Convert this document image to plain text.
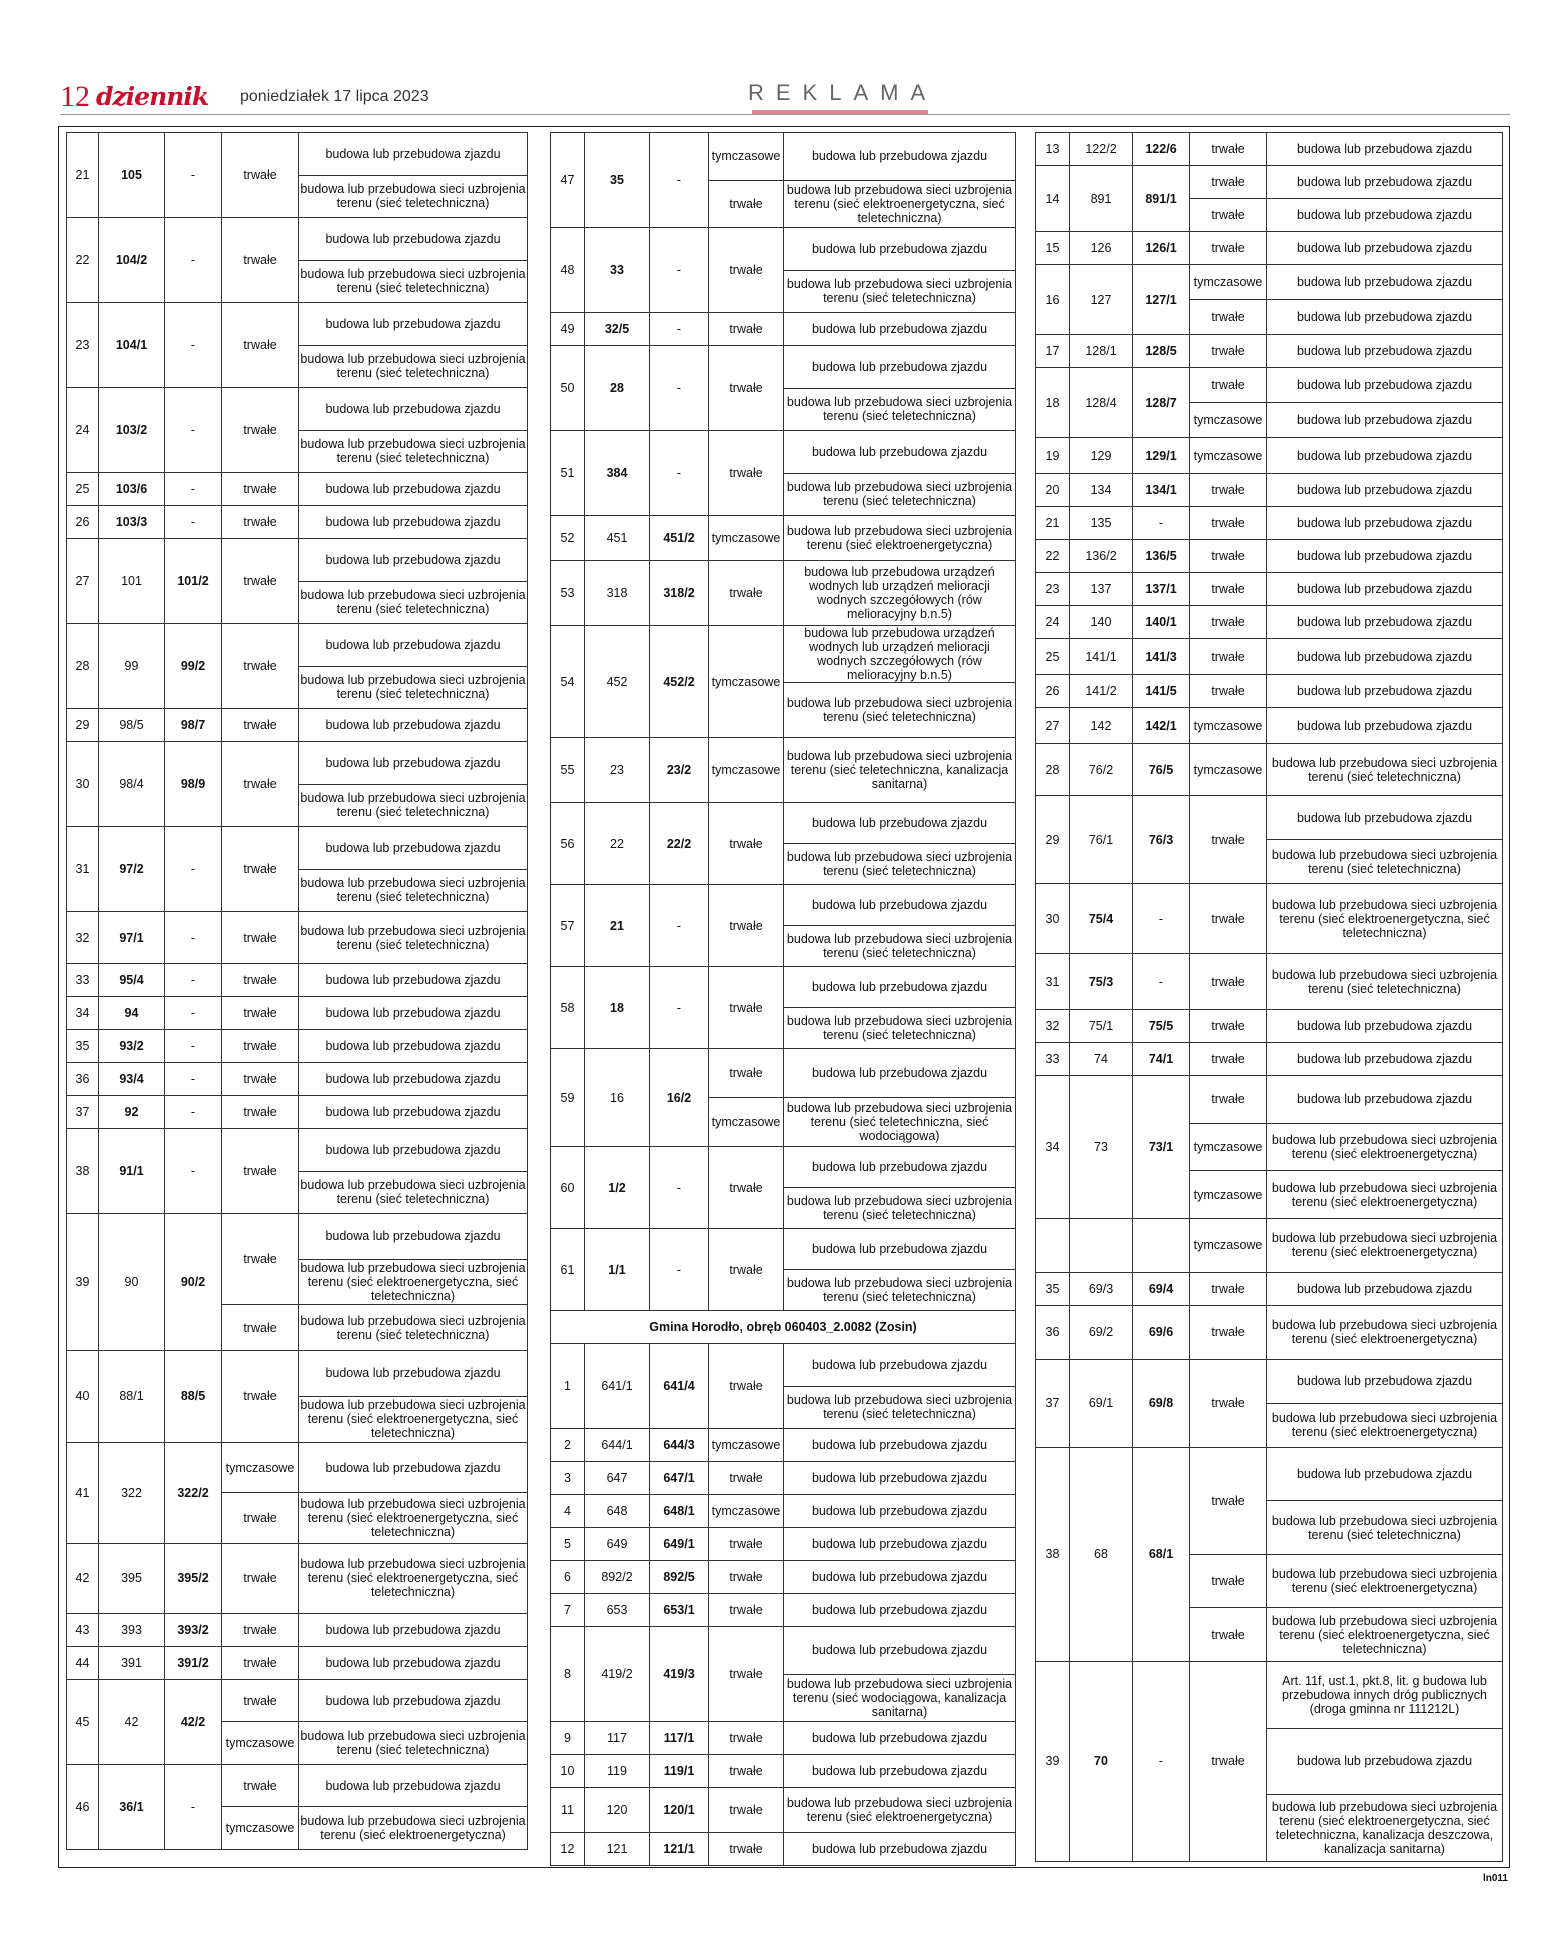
12 dziennik poniedziałek 17 lipca 2023	REKLAMA
21	105	-	trwałe	budowa lub przebudowa zjazdu
				budowa lub przebudowa sieci uzbrojenia terenu (sieć teletechniczna)
22	104/2	-	trwałe	budowa lub przebudowa zjazdu
				budowa lub przebudowa sieci uzbrojenia terenu (sieć teletechniczna)
23	104/1	-	trwałe	budowa lub przebudowa zjazdu
				budowa lub przebudowa sieci uzbrojenia terenu (sieć teletechniczna)
24	103/2	-	trwałe	budowa lub przebudowa zjazdu
				budowa lub przebudowa sieci uzbrojenia terenu (sieć teletechniczna)
25	103/6	-	trwałe	budowa lub przebudowa zjazdu
26	103/3	-	trwałe	budowa lub przebudowa zjazdu
27	101	101/2	trwałe	budowa lub przebudowa zjazdu
				budowa lub przebudowa sieci uzbrojenia terenu (sieć teletechniczna)
28	99	99/2	trwałe	budowa lub przebudowa zjazdu
				budowa lub przebudowa sieci uzbrojenia terenu (sieć teletechniczna)
29	98/5	98/7	trwałe	budowa lub przebudowa zjazdu
30	98/4	98/9	trwałe	budowa lub przebudowa zjazdu
				budowa lub przebudowa sieci uzbrojenia terenu (sieć teletechniczna)
31	97/2	-	trwałe	budowa lub przebudowa zjazdu
				budowa lub przebudowa sieci uzbrojenia terenu (sieć teletechniczna)
32	97/1	-	trwałe	budowa lub przebudowa sieci uzbrojenia terenu (sieć teletechniczna)
33	95/4	-	trwałe	budowa lub przebudowa zjazdu
34	94	-	trwałe	budowa lub przebudowa zjazdu
35	93/2	-	trwałe	budowa lub przebudowa zjazdu
36	93/4	-	trwałe	budowa lub przebudowa zjazdu
37	92	-	trwałe	budowa lub przebudowa zjazdu
38	91/1	-	trwałe	budowa lub przebudowa zjazdu
				budowa lub przebudowa sieci uzbrojenia terenu (sieć teletechniczna)
39	90	90/2	trwałe	budowa lub przebudowa zjazdu
				budowa lub przebudowa sieci uzbrojenia terenu (sieć elektroenergetyczna, sieć teletechniczna)
			trwałe	budowa lub przebudowa sieci uzbrojenia terenu (sieć teletechniczna)
40	88/1	88/5	trwałe	budowa lub przebudowa zjazdu
				budowa lub przebudowa sieci uzbrojenia terenu (sieć elektroenergetyczna, sieć teletechniczna)
41	322	322/2	tymczasowe	budowa lub przebudowa zjazdu
			trwałe	budowa lub przebudowa sieci uzbrojenia terenu (sieć elektroenergetyczna, sieć teletechniczna)
42	395	395/2	trwałe	budowa lub przebudowa sieci uzbrojenia terenu (sieć elektroenergetyczna, sieć teletechniczna)
43	393	393/2	trwałe	budowa lub przebudowa zjazdu
44	391	391/2	trwałe	budowa lub przebudowa zjazdu
45	42	42/2	trwałe	budowa lub przebudowa zjazdu
			tymczasowe	budowa lub przebudowa sieci uzbrojenia terenu (sieć teletechniczna)
46	36/1	-	trwałe	budowa lub przebudowa zjazdu
			tymczasowe	budowa lub przebudowa sieci uzbrojenia terenu (sieć elektroenergetyczna)
47	35	-	tymczasowe	budowa lub przebudowa zjazdu
			trwałe	budowa lub przebudowa sieci uzbrojenia terenu (sieć elektroenergetyczna, sieć teletechniczna)
48	33	-	trwałe	budowa lub przebudowa zjazdu
				budowa lub przebudowa sieci uzbrojenia terenu (sieć teletechniczna)
49	32/5	-	trwałe	budowa lub przebudowa zjazdu
50	28	-	trwałe	budowa lub przebudowa zjazdu
				budowa lub przebudowa sieci uzbrojenia terenu (sieć teletechniczna)
51	384	-	trwałe	budowa lub przebudowa zjazdu
				budowa lub przebudowa sieci uzbrojenia terenu (sieć teletechniczna)
52	451	451/2	tymczasowe	budowa lub przebudowa sieci uzbrojenia terenu (sieć elektroenergetyczna)
53	318	318/2	trwałe	budowa lub przebudowa urządzeń wodnych lub urządzeń melioracji wodnych szczegółowych (rów melioracyjny b.n.5)
54	452	452/2	tymczasowe	budowa lub przebudowa urządzeń wodnych lub urządzeń melioracji wodnych szczegółowych (rów melioracyjny b.n.5)
				budowa lub przebudowa sieci uzbrojenia terenu (sieć teletechniczna)
55	23	23/2	tymczasowe	budowa lub przebudowa sieci uzbrojenia terenu (sieć teletechniczna, kanalizacja sanitarna)
56	22	22/2	trwałe	budowa lub przebudowa zjazdu
				budowa lub przebudowa sieci uzbrojenia terenu (sieć teletechniczna)
57	21	-	trwałe	budowa lub przebudowa zjazdu
				budowa lub przebudowa sieci uzbrojenia terenu (sieć teletechniczna)
58	18	-	trwałe	budowa lub przebudowa zjazdu
				budowa lub przebudowa sieci uzbrojenia terenu (sieć teletechniczna)
59	16	16/2	trwałe	budowa lub przebudowa zjazdu
			tymczasowe	budowa lub przebudowa sieci uzbrojenia terenu (sieć teletechniczna, sieć wodociągowa)
60	1/2	-	trwałe	budowa lub przebudowa zjazdu
				budowa lub przebudowa sieci uzbrojenia terenu (sieć teletechniczna)
61	1/1	-	trwałe	budowa lub przebudowa zjazdu
				budowa lub przebudowa sieci uzbrojenia terenu (sieć teletechniczna)
Gmina Horodło, obręb 060403_2.0082 (Zosin)				
1	641/1	641/4	trwałe	budowa lub przebudowa zjazdu
				budowa lub przebudowa sieci uzbrojenia terenu (sieć teletechniczna)
2	644/1	644/3	tymczasowe	budowa lub przebudowa zjazdu
3	647	647/1	trwałe	budowa lub przebudowa zjazdu
4	648	648/1	tymczasowe	budowa lub przebudowa zjazdu
5	649	649/1	trwałe	budowa lub przebudowa zjazdu
6	892/2	892/5	trwałe	budowa lub przebudowa zjazdu
7	653	653/1	trwałe	budowa lub przebudowa zjazdu
8	419/2	419/3	trwałe	budowa lub przebudowa zjazdu
				budowa lub przebudowa sieci uzbrojenia terenu (sieć wodociągowa, kanalizacja sanitarna)
9	117	117/1	trwałe	budowa lub przebudowa zjazdu
10	119	119/1	trwałe	budowa lub przebudowa zjazdu
11	120	120/1	trwałe	budowa lub przebudowa sieci uzbrojenia terenu (sieć elektroenergetyczna)
12	121	121/1	trwałe	budowa lub przebudowa zjazdu
13	122/2	122/6	trwałe	budowa lub przebudowa zjazdu
14	891	891/1	trwałe	budowa lub przebudowa zjazdu
			trwałe	budowa lub przebudowa zjazdu
15	126	126/1	trwałe	budowa lub przebudowa zjazdu
16	127	127/1	tymczasowe	budowa lub przebudowa zjazdu
			trwałe	budowa lub przebudowa zjazdu
17	128/1	128/5	trwałe	budowa lub przebudowa zjazdu
18	128/4	128/7	trwałe	budowa lub przebudowa zjazdu
			tymczasowe	budowa lub przebudowa zjazdu
19	129	129/1	tymczasowe	budowa lub przebudowa zjazdu
20	134	134/1	trwałe	budowa lub przebudowa zjazdu
21	135	-	trwałe	budowa lub przebudowa zjazdu
22	136/2	136/5	trwałe	budowa lub przebudowa zjazdu
23	137	137/1	trwałe	budowa lub przebudowa zjazdu
24	140	140/1	trwałe	budowa lub przebudowa zjazdu
25	141/1	141/3	trwałe	budowa lub przebudowa zjazdu
26	141/2	141/5	trwałe	budowa lub przebudowa zjazdu
27	142	142/1	tymczasowe	budowa lub przebudowa zjazdu
28	76/2	76/5	tymczasowe	budowa lub przebudowa sieci uzbrojenia terenu (sieć teletechniczna)
29	76/1	76/3	trwałe	budowa lub przebudowa zjazdu
				budowa lub przebudowa sieci uzbrojenia terenu (sieć teletechniczna)
30	75/4	-	trwałe	budowa lub przebudowa sieci uzbrojenia terenu (sieć elektroenergetyczna, sieć teletechniczna)
31	75/3	-	trwałe	budowa lub przebudowa sieci uzbrojenia terenu (sieć teletechniczna)
32	75/1	75/5	trwałe	budowa lub przebudowa zjazdu
33	74	74/1	trwałe	budowa lub przebudowa zjazdu
34	73	73/1	trwałe	budowa lub przebudowa zjazdu
			tymczasowe	budowa lub przebudowa sieci uzbrojenia terenu (sieć elektroenergetyczna)
			tymczasowe	budowa lub przebudowa sieci uzbrojenia terenu (sieć elektroenergetyczna)
			tymczasowe	budowa lub przebudowa sieci uzbrojenia terenu (sieć elektroenergetyczna)
35	69/3	69/4	trwałe	budowa lub przebudowa zjazdu
36	69/2	69/6	trwałe	budowa lub przebudowa sieci uzbrojenia terenu (sieć elektroenergetyczna)
37	69/1	69/8	trwałe	budowa lub przebudowa zjazdu
				budowa lub przebudowa sieci uzbrojenia terenu (sieć elektroenergetyczna)
38	68	68/1	trwałe	budowa lub przebudowa zjazdu
				budowa lub przebudowa sieci uzbrojenia terenu (sieć teletechniczna)
			trwałe	budowa lub przebudowa sieci uzbrojenia terenu (sieć elektroenergetyczna)
			trwałe	budowa lub przebudowa sieci uzbrojenia terenu (sieć elektroenergetyczna, sieć teletechniczna)
39	70	-	trwałe	Art. 11f, ust.1, pkt.8, lit. g budowa lub przebudowa innych dróg publicznych (droga gminna nr 111212L)
				budowa lub przebudowa zjazdu
				budowa lub przebudowa sieci uzbrojenia terenu (sieć elektroenergetyczna, sieć teletechniczna, kanalizacja deszczowa, kanalizacja sanitarna)
ln011
